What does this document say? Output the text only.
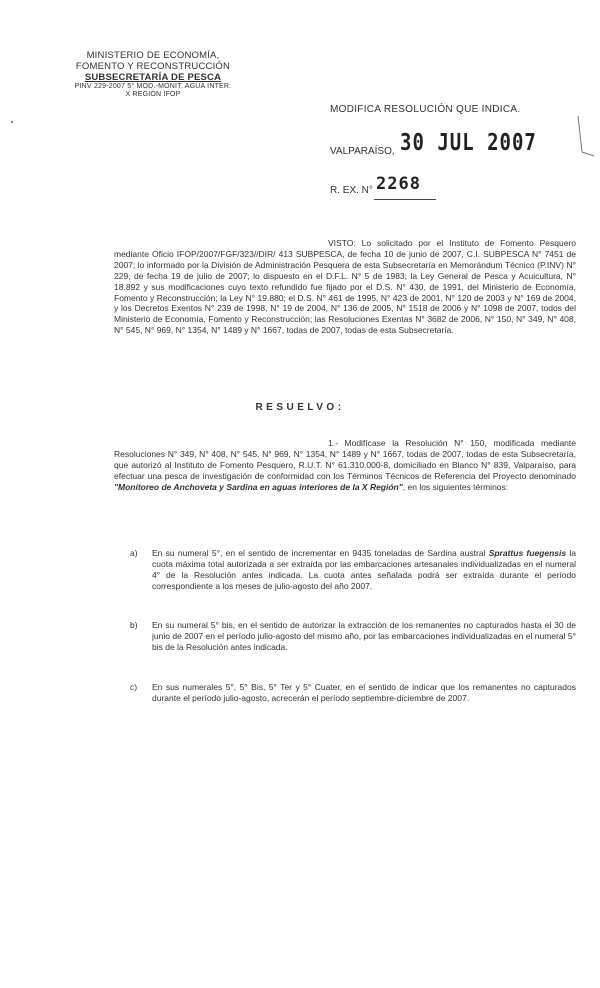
MINISTERIO DE ECONOMÍA,
FOMENTO Y RECONSTRUCCIÓN
SUBSECRETARÍA DE PESCA
PINV 229-2007 5° MOD.-MONIT. AGUA INTER.
X REGIÓN IFOP
MODIFICA RESOLUCIÓN QUE INDICA.
VALPARAÍSO, 30 JUL 2007
R. EX. N° 2268
VISTO: Lo solicitado por el Instituto de Fomento Pesquero mediante Oficio IFOP/2007/FGF/323//DIR/ 413 SUBPESCA, de fecha 10 de junio de 2007, C.I. SUBPESCA N° 7451 de 2007; lo informado por la División de Administración Pesquera de esta Subsecretaría en Memorándum Técnico (P.INV) N° 229, de fecha 19 de julio de 2007; lo dispuesto en el D.F.L. N° 5 de 1983; la Ley General de Pesca y Acuicultura, N° 18.892 y sus modificaciones cuyo texto refundido fue fijado por el D.S. N° 430, de 1991, del Ministerio de Economía, Fomento y Reconstrucción; la Ley N° 19.880; el D.S. N° 461 de 1995, N° 423 de 2001, N° 120 de 2003 y N° 169 de 2004, y los Decretos Exentos N° 239 de 1998, N° 19 de 2004, N° 136 de 2005, N° 1518 de 2006 y N° 1098 de 2007, todos del Ministerio de Economía, Fomento y Reconstrucción; las Resoluciones Exentas N° 3682 de 2006, N° 150, N° 349, N° 408, N° 545, N° 969, N° 1354, N° 1489 y N° 1667, todas de 2007, todas de esta Subsecretaría.
RESUELVO:
1.- Modifícase la Resolución N° 150, modificada mediante Resoluciones N° 349, N° 408, N° 545, N° 969, N° 1354, N° 1489 y N° 1667, todas de 2007, todas de esta Subsecretaría, que autorizó al Instituto de Fomento Pesquero, R.U.T. N° 61.310.000-8, domiciliado en Blanco N° 839, Valparaíso, para efectuar una pesca de investigación de conformidad con los Términos Técnicos de Referencia del Proyecto denominado "Monitoreo de Anchoveta y Sardina en aguas interiores de la X Región", en los siguientes términos:
a) En su numeral 5°, en el sentido de incrementar en 9435 toneladas de Sardina austral Sprattus fuegensis la cuota máxima total autorizada a ser extraída por las embarcaciones artesanales individualizadas en el numeral 4° de la Resolución antes indicada. La cuota antes señalada podrá ser extraída durante el período correspondiente a los meses de julio-agosto del año 2007.
b) En su numeral 5° bis, en el sentido de autorizar la extracción de los remanentes no capturados hasta el 30 de junio de 2007 en el período julio-agosto del mismo año, por las embarcaciones individualizadas en el numeral 5° bis de la Resolución antes indicada.
c) En sus numerales 5°, 5° Bis, 5° Ter y 5° Cuater, en el sentido de indicar que los remanentes no capturados durante el período julio-agosto, acrecerán el período septiembre-diciembre de 2007.
